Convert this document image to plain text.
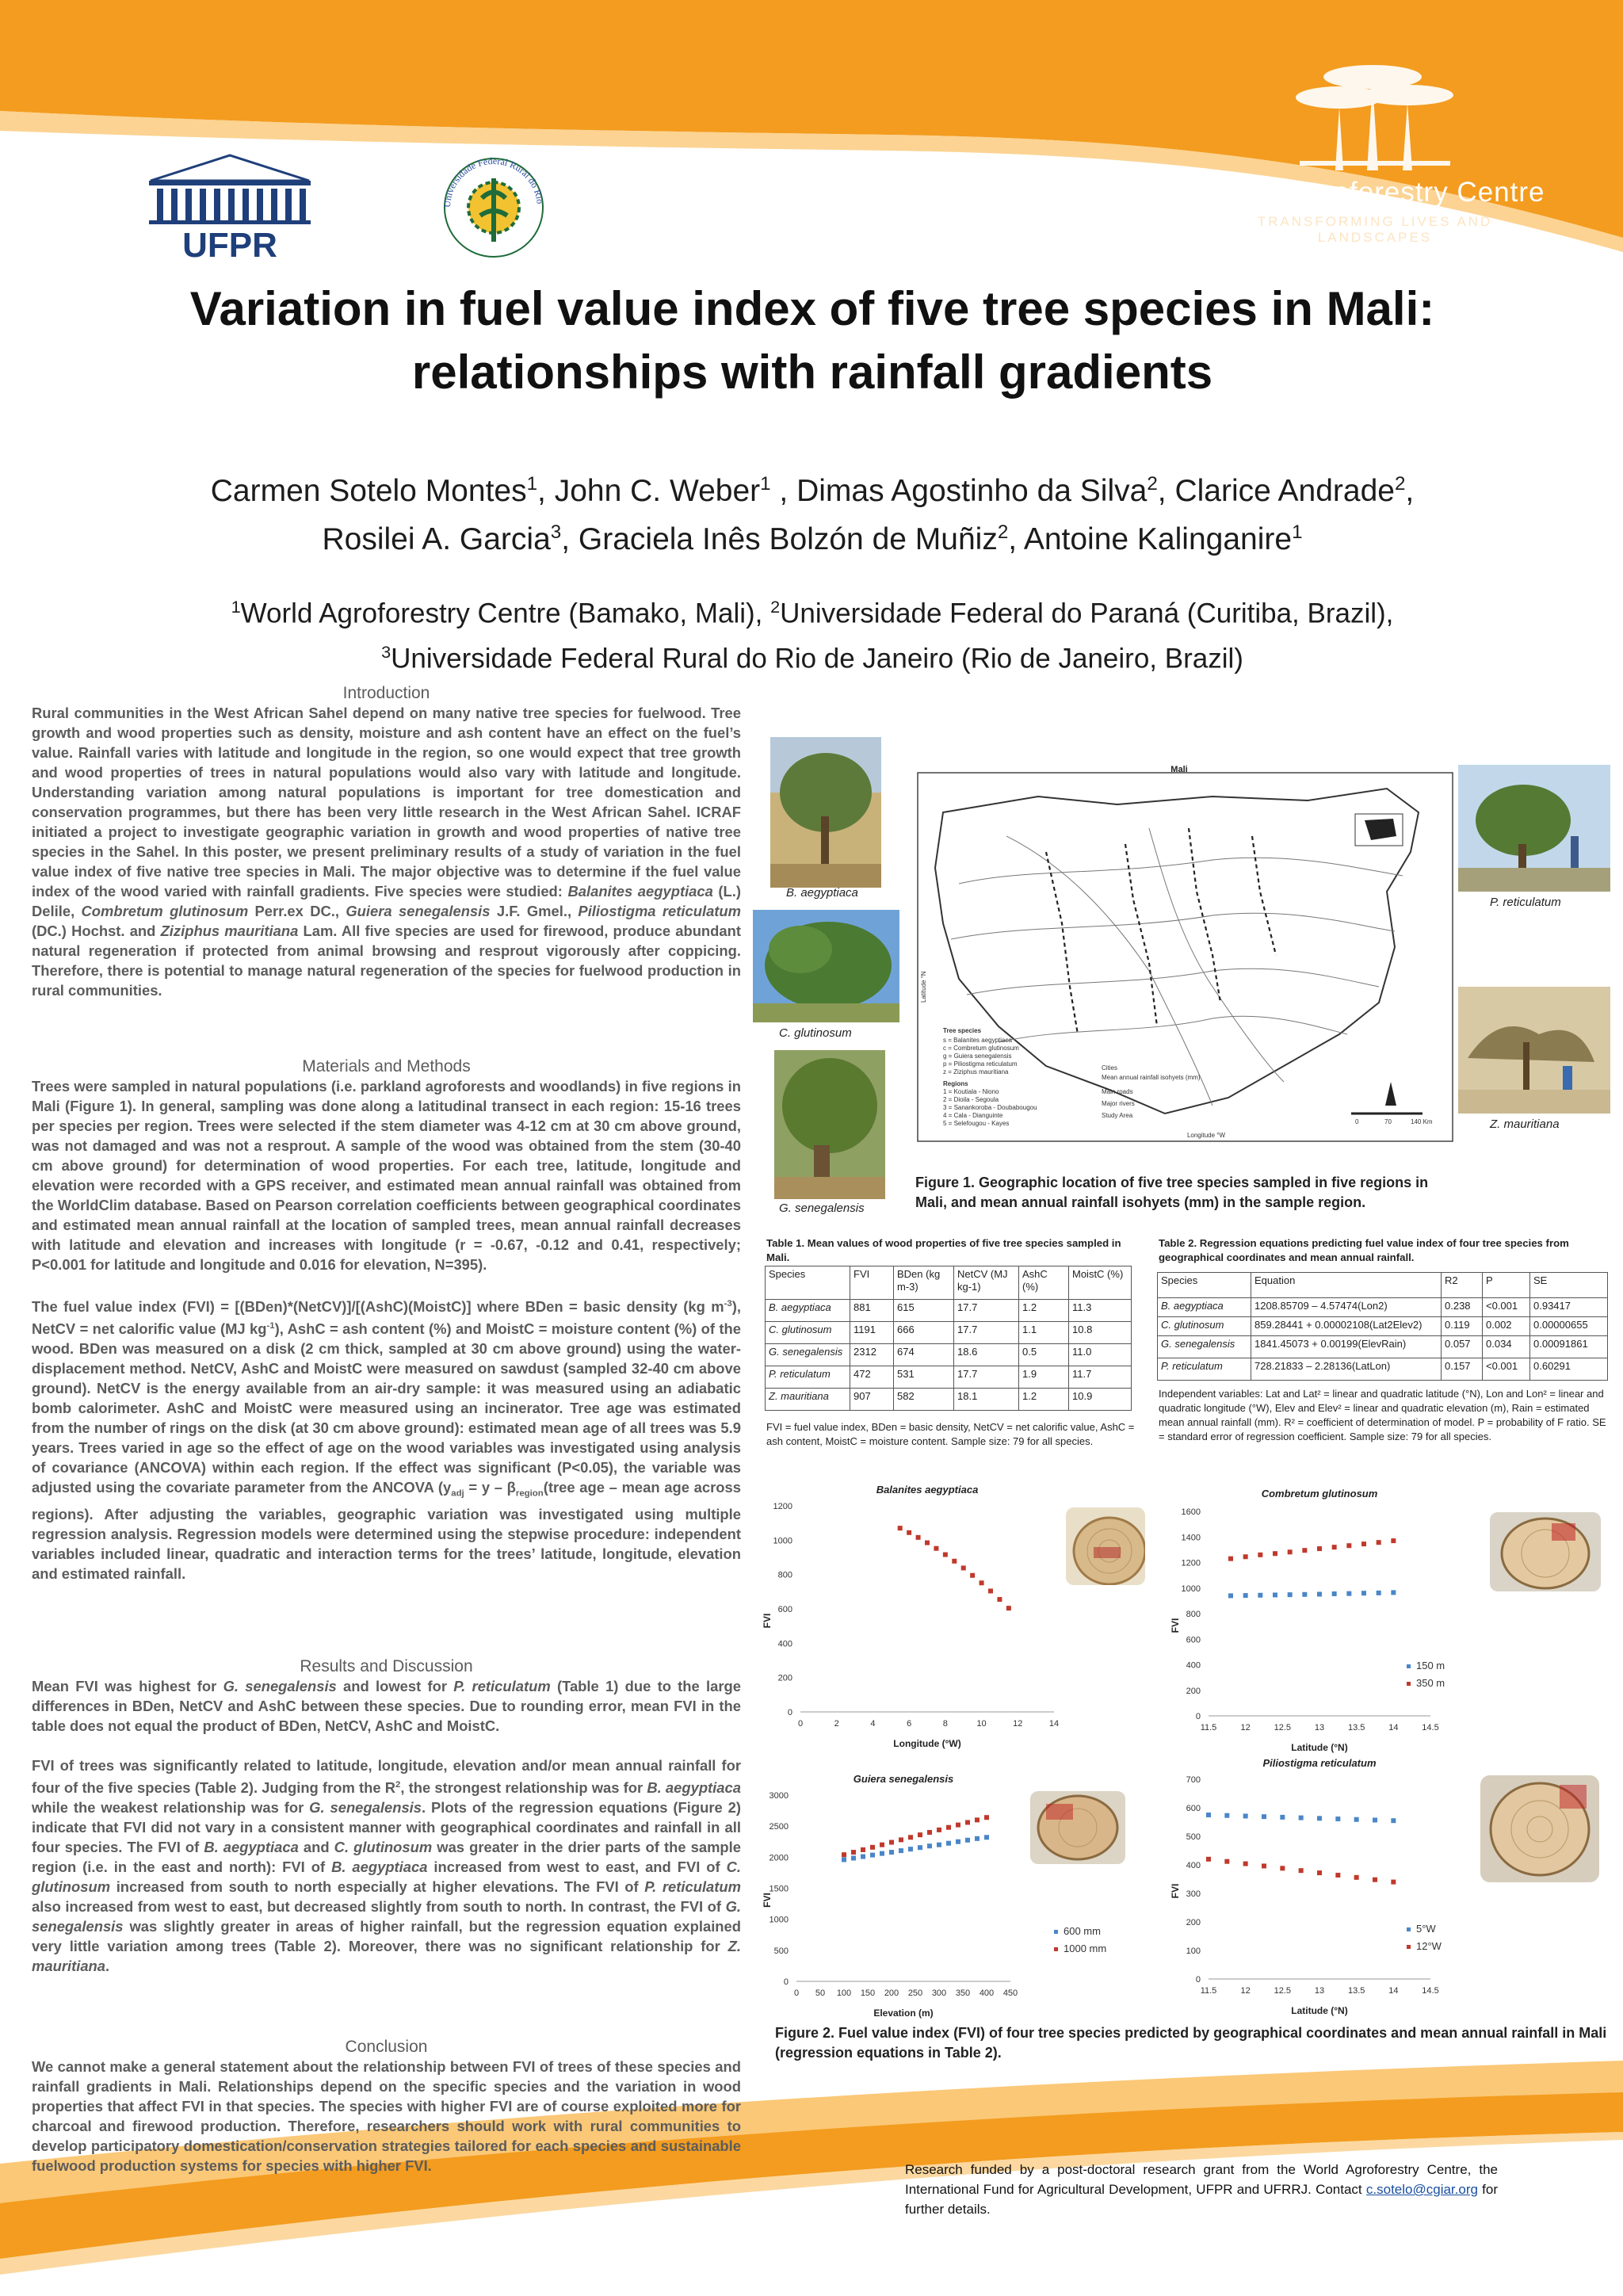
UFPR
Universidade Federal Rural do Rio	World Agroforestry Centre
TRANSFORMING LIVES AND LANDSCAPES
Variation in fuel value index of five tree species in Mali:
relationships with rainfall gradients
Carmen Sotelo Montes$^1$, John C. Weber$^1$ , Dimas Agostinho da Silva$^2$, Clarice Andrade$^2$,
Rosilei A. Garcia$^3$, Graciela Inês Bolzón de Muñiz$^2$, Antoine Kalinganire$^1$
$^1$World Agroforestry Centre (Bamako, Mali), $^2$Universidade Federal do Paraná (Curitiba, Brazil),
$^3$Universidade Federal Rural do Rio de Janeiro (Rio de Janeiro, Brazil)
Introduction

Rural communities in the West African Sahel depend on many native tree species for fuelwood. Tree growth and wood properties such as density, moisture and ash content have an effect on the fuel’s value. Rainfall varies with latitude and longitude in the region, so one would expect that tree growth and wood properties of trees in natural populations would also vary with latitude and longitude. Understanding variation among natural populations is important for tree domestication and conservation programmes, but there has been very little research in the West African Sahel. ICRAF initiated a project to investigate geographic variation in growth and wood properties of native tree species in the Sahel. In this poster, we present preliminary results of a study of variation in the fuel value index of five native tree species in Mali. The major objective was to determine if the fuel value index of the wood varied with rainfall gradients. Five species were studied: Balanites aegyptiaca (L.) Delile, Combretum glutinosum Perr.ex DC., Guiera senegalensis J.F. Gmel., Piliostigma reticulatum (DC.) Hochst. and Ziziphus mauritiana Lam. All five species are used for firewood, produce abundant natural regeneration if protected from animal browsing and resprout vigorously after coppicing. Therefore, there is potential to manage natural regeneration of the species for fuelwood production in rural communities.

Materials and Methods

Trees were sampled in natural populations (i.e. parkland agroforests and woodlands) in five regions in Mali (Figure 1). In general, sampling was done along a latitudinal transect in each region: 15-16 trees per species per region. Trees were selected if the stem diameter was 4-12 cm at 30 cm above ground, was not damaged and was not a resprout. A sample of the wood was obtained from the stem (30-40 cm above ground) for determination of wood properties. For each tree, latitude, longitude and elevation were recorded with a GPS receiver, and estimated mean annual rainfall was obtained from the WorldClim database. Based on Pearson correlation coefficients between geographical coordinates and estimated mean annual rainfall at the location of sampled trees, mean annual rainfall decreases with latitude and elevation and increases with longitude (r = -0.67, -0.12 and 0.41, respectively; P<0.001 for latitude and longitude and 0.016 for elevation, N=395).

The fuel value index (FVI) = [(BDen)*(NetCV)]/[(AshC)(MoistC)] where BDen = basic density (kg $m^{-3}$), NetCV = net calorific value (MJ $kg^{-1}$), AshC = ash content (%) and MoistC = moisture content (%) of the wood. BDen was measured on a disk (2 cm thick, sampled at 30 cm above ground) using the water-displacement method. NetCV, AshC and MoistC were measured on sawdust (sampled 32-40 cm above ground). NetCV is the energy available from an air-dry sample: it was measured using an adiabatic bomb calorimeter. AshC and MoistC were measured using an incinerator. Tree age was estimated from the number of rings on the disk (at 30 cm above ground): estimated mean age of all trees was 5.9 years. Trees varied in age so the effect of age on the wood variables was investigated using analysis of covariance (ANCOVA) within each region. If the effect was significant (P<0.05), the variable was adjusted using the covariate parameter from the ANCOVA ($y_{adj} = y$ – $\beta_{region}(tree$ age – mean age across regions). After adjusting the variables, geographic variation was investigated using multiple regression analysis. Regression models were determined using the stepwise procedure: independent variables included linear, quadratic and interaction terms for the trees’ latitude, longitude, elevation and estimated rainfall.

Results and Discussion

Mean FVI was highest for G. senegalensis and lowest for P. reticulatum (Table 1) due to the large differences in BDen, NetCV and AshC between these species. Due to rounding error, mean FVI in the table does not equal the product of BDen, NetCV, AshC and MoistC.

FVI of trees was significantly related to latitude, longitude, elevation and/or mean annual rainfall for four of the five species (Table 2). Judging from the $R^2$, the strongest relationship was for B. aegyptiaca while the weakest relationship was for G. senegalensis. Plots of the regression equations (Figure 2) indicate that FVI did not vary in a consistent manner with geographical coordinates and rainfall in all four species. The FVI of B. aegyptiaca and C. glutinosum was greater in the drier parts of the sample region (i.e. in the east and north): FVI of B. aegyptiaca increased from west to east, and FVI of C. glutinosum increased from south to north especially at higher elevations. The FVI of P. reticulatum also increased from west to east, but decreased slightly from south to north. In contrast, the FVI of G. senegalensis was slightly greater in areas of higher rainfall, but the regression equation explained very little variation among trees (Table 2). Moreover, there was no significant relationship for Z. mauritiana.

Conclusion

We cannot make a general statement about the relationship between FVI of trees of these species and rainfall gradients in Mali. Relationships depend on the specific species and the variation in wood properties that affect FVI in that species. The species with higher FVI are of course exploited more for charcoal and firewood production. Therefore, researchers should work with rural communities to develop participatory domestication/conservation strategies tailored for each species and sustainable fuelwood production systems for species with higher FVI.

B. aegyptiaca
C. glutinosum
G. senegalensis
P. reticulatum
Z. mauritiana
Mali
Latitude °N
Longitude °W
Tree species
s = Balanites aegyptiaca
c = Combretum glutinosum
g = Guiera senegalensis
p = Piliostigma reticulatum
z = Ziziphus mauritiana
Regions
1 = Koutiala - Niono
2 = Dioila - Segoula
3 = Sanankoroba - Doubabougou
4 = Cala - Dianguinte
5 = Selefougou - Kayes
Cities
Mean annual rainfall isohyets (mm)
Main roads
Major rivers
Study Area
0	70	140 Km
Figure 1. Geographic location of five tree species sampled in five regions in Mali, and mean annual rainfall isohyets (mm) in the sample region.
Table 1. Mean values of wood properties of five tree species sampled in Mali.
Species	FVI	BDen (kg m-3)	NetCV (MJ kg-1)	AshC (%)	MoistC (%)
B. aegyptiaca	881	615	17.7	1.2	11.3
C. glutinosum	1191	666	17.7	1.1	10.8
G. senegalensis	2312	674	18.6	0.5	11.0
P. reticulatum	472	531	17.7	1.9	11.7
Z. mauritiana	907	582	18.1	1.2	10.9
FVI = fuel value index, BDen = basic density, NetCV = net calorific value, AshC = ash content, MoistC = moisture content. Sample size: 79 for all species.
Table 2. Regression equations predicting fuel value index of four tree species from geographical coordinates and mean annual rainfall.
Species	Equation	R2	P	SE
B. aegyptiaca	1208.85709 – 4.57474(Lon2)	0.238	<0.001	0.93417
C. glutinosum	859.28441 + 0.00002108(Lat2Elev2)	0.119	0.002	0.00000655
G. senegalensis	1841.45073 + 0.00199(ElevRain)	0.057	0.034	0.00091861
P. reticulatum	728.21833 – 2.28136(LatLon)	0.157	<0.001	0.60291
Independent variables: Lat and Lat² = linear and quadratic latitude (°N), Lon and Lon² = linear and quadratic longitude (°W), Elev and Elev² = linear and quadratic elevation (m), Rain = estimated mean annual rainfall (mm). R² = coefficient of determination of model. P = probability of F ratio. SE = standard error of regression coefficient. Sample size: 79 for all species.
Balanites aegyptiaca
0
200
400
600
800
1000
1200
0	2	4	6	8	10	12	14
Longitude (°W)
FVI
Combretum glutinosum
0
200
400
600
800
1000
1200
1400
1600
11.5	12	12.5	13	13.5	14	14.5
Latitude (°N)
FVI
150 m
350 m
Guiera senegalensis
0
500
1000
1500
2000
2500
3000
0 50 100 150 200 250 300 350 400 450
Elevation (m)
FVI
600 mm
1000 mm
Piliostigma reticulatum
0
100
200
300
400
500
600
700
11.5	12	12.5	13	13.5	14	14.5
Latitude (°N)
FVI
5°W
12°W
Figure 2. Fuel value index (FVI) of four tree species predicted by geographical coordinates and mean annual rainfall in Mali (regression equations in Table 2).
Research funded by a post-doctoral research grant from the World Agroforestry Centre, the International Fund for Agricultural Development, UFPR and UFRRJ. Contact c.sotelo@cgiar.org for further details.
